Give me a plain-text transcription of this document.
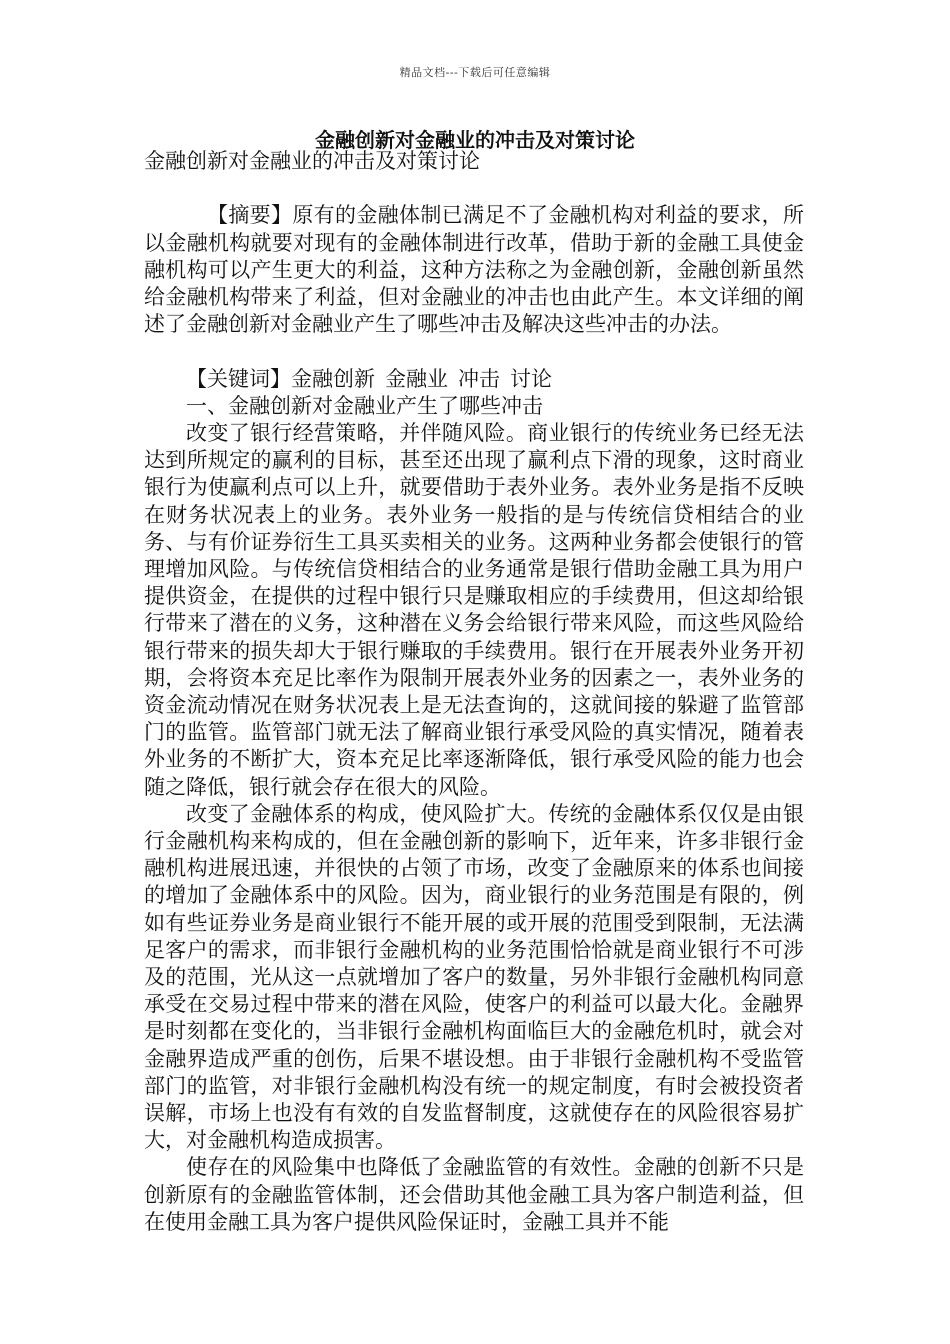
精品文档---下载后可任意编辑
金融创新对金融业的冲击及对策讨论

金融创新对金融业的冲击及对策讨论

【摘要】原有的金融体制已满足不了金融机构对利益的要求，所以金融机构就要对现有的金融体制进行改革，借助于新的金融工具使金融机构可以产生更大的利益，这种方法称之为金融创新，金融创新虽然给金融机构带来了利益，但对金融业的冲击也由此产生。本文详细的阐述了金融创新对金融业产生了哪些冲击及解决这些冲击的办法。

【关键词】金融创新 金融业 冲击 讨论

一、金融创新对金融业产生了哪些冲击

改变了银行经营策略，并伴随风险。商业银行的传统业务已经无法达到所规定的赢利的目标，甚至还出现了赢利点下滑的现象，这时商业银行为使赢利点可以上升，就要借助于表外业务。表外业务是指不反映在财务状况表上的业务。表外业务一般指的是与传统信贷相结合的业务、与有价证券衍生工具买卖相关的业务。这两种业务都会使银行的管理增加风险。与传统信贷相结合的业务通常是银行借助金融工具为用户提供资金，在提供的过程中银行只是赚取相应的手续费用，但这却给银行带来了潜在的义务，这种潜在义务会给银行带来风险，而这些风险给银行带来的损失却大于银行赚取的手续费用。银行在开展表外业务开初期，会将资本充足比率作为限制开展表外业务的因素之一，表外业务的资金流动情况在财务状况表上是无法查询的，这就间接的躲避了监管部门的监管。监管部门就无法了解商业银行承受风险的真实情况，随着表外业务的不断扩大，资本充足比率逐渐降低，银行承受风险的能力也会随之降低，银行就会存在很大的风险。

改变了金融体系的构成，使风险扩大。传统的金融体系仅仅是由银行金融机构来构成的，但在金融创新的影响下，近年来，许多非银行金融机构进展迅速，并很快的占领了市场，改变了金融原来的体系也间接的增加了金融体系中的风险。因为，商业银行的业务范围是有限的，例如有些证券业务是商业银行不能开展的或开展的范围受到限制，无法满足客户的需求，而非银行金融机构的业务范围恰恰就是商业银行不可涉及的范围，光从这一点就增加了客户的数量，另外非银行金融机构同意承受在交易过程中带来的潜在风险，使客户的利益可以最大化。金融界是时刻都在变化的，当非银行金融机构面临巨大的金融危机时，就会对金融界造成严重的创伤，后果不堪设想。由于非银行金融机构不受监管部门的监管，对非银行金融机构没有统一的规定制度，有时会被投资者误解，市场上也没有有效的自发监督制度，这就使存在的风险很容易扩大，对金融机构造成损害。

使存在的风险集中也降低了金融监管的有效性。金融的创新不只是创新原有的金融监管体制，还会借助其他金融工具为客户制造利益，但在使用金融工具为客户提供风险保证时，金融工具并不能
